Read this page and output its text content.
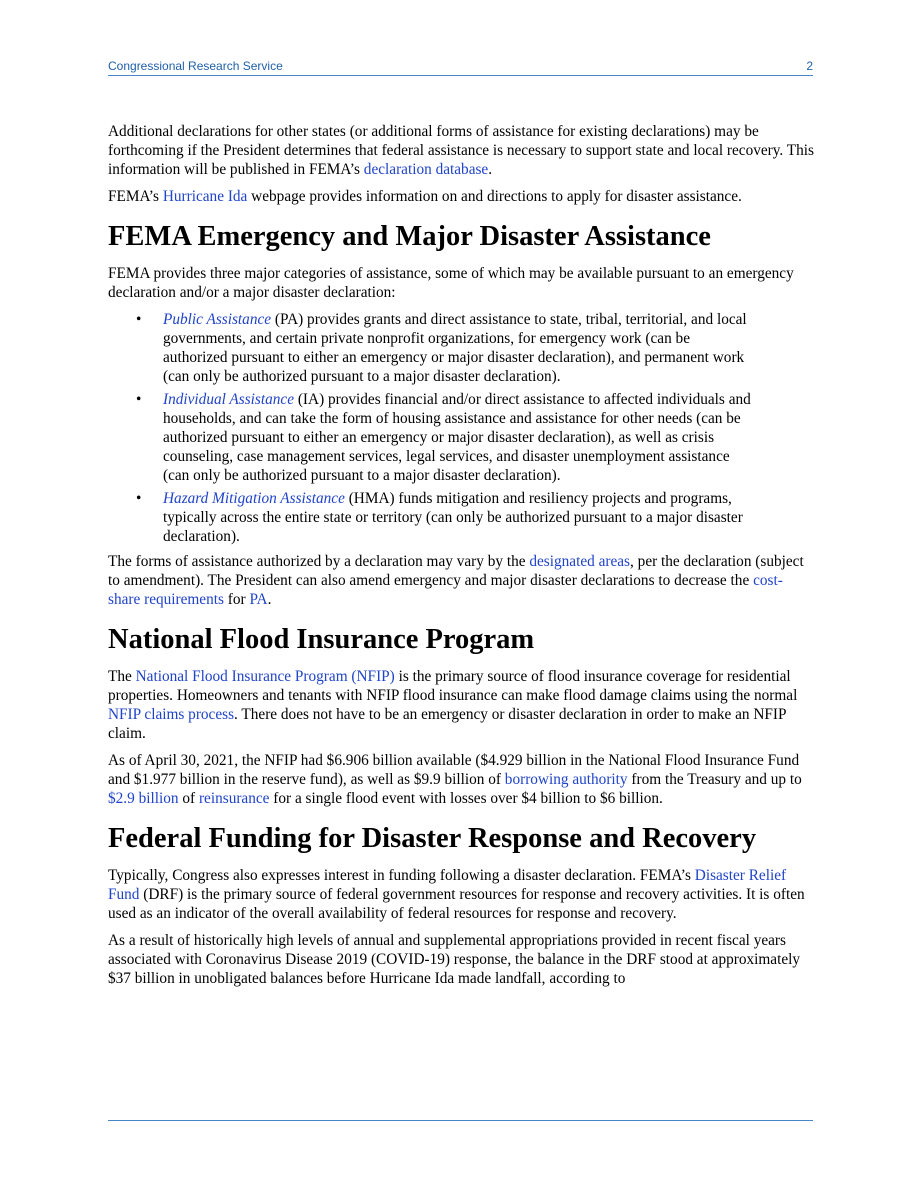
Congressional Research Service	2

Additional declarations for other states (or additional forms of assistance for existing declarations) may be forthcoming if the President determines that federal assistance is necessary to support state and local recovery. This information will be published in FEMA’s declaration database.

FEMA’s Hurricane Ida webpage provides information on and directions to apply for disaster assistance.

FEMA Emergency and Major Disaster Assistance

FEMA provides three major categories of assistance, some of which may be available pursuant to an emergency declaration and/or a major disaster declaration:

• Public Assistance (PA) provides grants and direct assistance to state, tribal, territorial, and local governments, and certain private nonprofit organizations, for emergency work (can be authorized pursuant to either an emergency or major disaster declaration), and permanent work (can only be authorized pursuant to a major disaster declaration).
• Individual Assistance (IA) provides financial and/or direct assistance to affected individuals and households, and can take the form of housing assistance and assistance for other needs (can be authorized pursuant to either an emergency or major disaster declaration), as well as crisis counseling, case management services, legal services, and disaster unemployment assistance (can only be authorized pursuant to a major disaster declaration).
• Hazard Mitigation Assistance (HMA) funds mitigation and resiliency projects and programs, typically across the entire state or territory (can only be authorized pursuant to a major disaster declaration).

The forms of assistance authorized by a declaration may vary by the designated areas, per the declaration (subject to amendment). The President can also amend emergency and major disaster declarations to decrease the cost-share requirements for PA.

National Flood Insurance Program

The National Flood Insurance Program (NFIP) is the primary source of flood insurance coverage for residential properties. Homeowners and tenants with NFIP flood insurance can make flood damage claims using the normal NFIP claims process. There does not have to be an emergency or disaster declaration in order to make an NFIP claim.

As of April 30, 2021, the NFIP had $6.906 billion available ($4.929 billion in the National Flood Insurance Fund and $1.977 billion in the reserve fund), as well as $9.9 billion of borrowing authority from the Treasury and up to $2.9 billion of reinsurance for a single flood event with losses over $4 billion to $6 billion.

Federal Funding for Disaster Response and Recovery

Typically, Congress also expresses interest in funding following a disaster declaration. FEMA’s Disaster Relief Fund (DRF) is the primary source of federal government resources for response and recovery activities. It is often used as an indicator of the overall availability of federal resources for response and recovery.

As a result of historically high levels of annual and supplemental appropriations provided in recent fiscal years associated with Coronavirus Disease 2019 (COVID-19) response, the balance in the DRF stood at approximately $37 billion in unobligated balances before Hurricane Ida made landfall, according to
